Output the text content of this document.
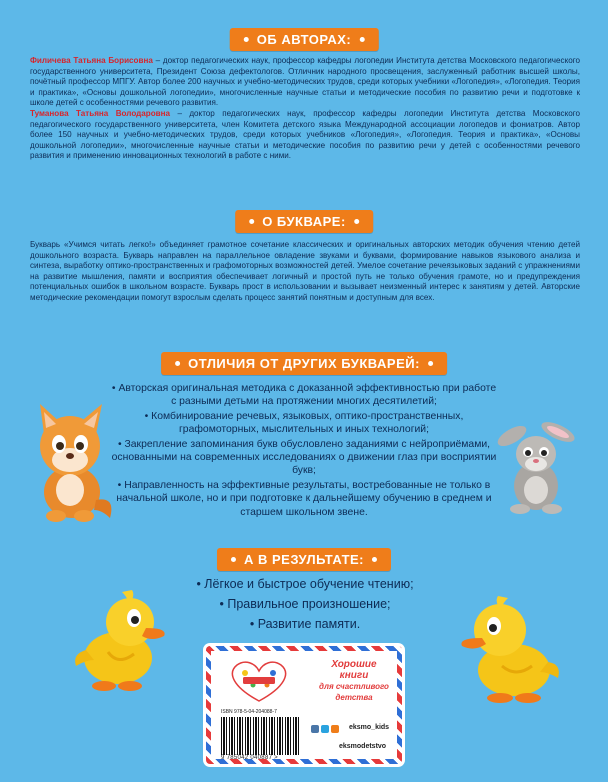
ОБ АВТОРАХ:
Филичева Татьяна Борисовна – доктор педагогических наук, профессор кафедры логопедии Института детства Московского педагогического государственного университета, Президент Союза дефектологов. Отличник народного просвещения, заслуженный работник высшей школы, почётный профессор МПГУ. Автор более 200 научных и учебно-методических трудов, среди которых учебники «Логопедия», «Логопедия. Теория и практика», «Основы дошкольной логопедии», многочисленные научные статьи и методические пособия по развитию речи и подготовке к школе детей с особенностями речевого развития.
Туманова Татьяна Володаровна – доктор педагогических наук, профессор кафедры логопедии Института детства Московского педагогического государственного университета, член Комитета детского языка Международной ассоциации логопедов и фониатров. Автор более 150 научных и учебно-методических трудов, среди которых учебников «Логопедия», «Логопедия. Теория и практика», «Основы дошкольной логопедии», многочисленные научные статьи и методические пособия по развитию речи у детей с особенностями речевого развития и применению инновационных технологий в работе с ними.
О БУКВАРЕ:
Букварь «Учимся читать легко!» объединяет грамотное сочетание классических и оригинальных авторских методик обучения чтению детей дошкольного возраста. Букварь направлен на параллельное овладение звуками и буквами, формирование навыков языкового анализа и синтеза, выработку оптико-пространственных и графомоторных возможностей детей. Умелое сочетание речеязыковых заданий с упражнениями на развитие мышления, памяти и восприятия обеспечивает логичный и простой путь не только обучения грамоте, но и предупреждения потенциальных ошибок в школьном возрасте. Букварь прост в использовании и вызывает неизменный интерес к занятиям у детей. Авторские методические рекомендации помогут взрослым сделать процесс занятий понятным и доступным для всех.
ОТЛИЧИЯ ОТ ДРУГИХ БУКВАРЕЙ:

• Авторская оригинальная методика с доказанной эффективностью при работе с разными детьми на протяжении многих десятилетий;

• Комбинирование речевых, языковых, оптико-пространственных, графомоторных, мыслительных и иных технологий;

• Закрепление запоминания букв обусловлено заданиями с нейроприёмами, основанными на современных исследованиях о движении глаз при восприятии букв;

• Направленность на эффективные результаты, востребованные не только в начальной школе, но и при подготовке к дальнейшему обучению в среднем и старшем школьном звене.

А В РЕЗУЛЬТАТЕ:

• Лёгкое и быстрое обучение чтению;

• Правильное произношение;

• Развитие памяти.

Хорошие
книги
для счастливого
детства
ISBN 978-5-04-204088-7
9 785042 040887 >
eksmo_kids
eksmodetstvo
